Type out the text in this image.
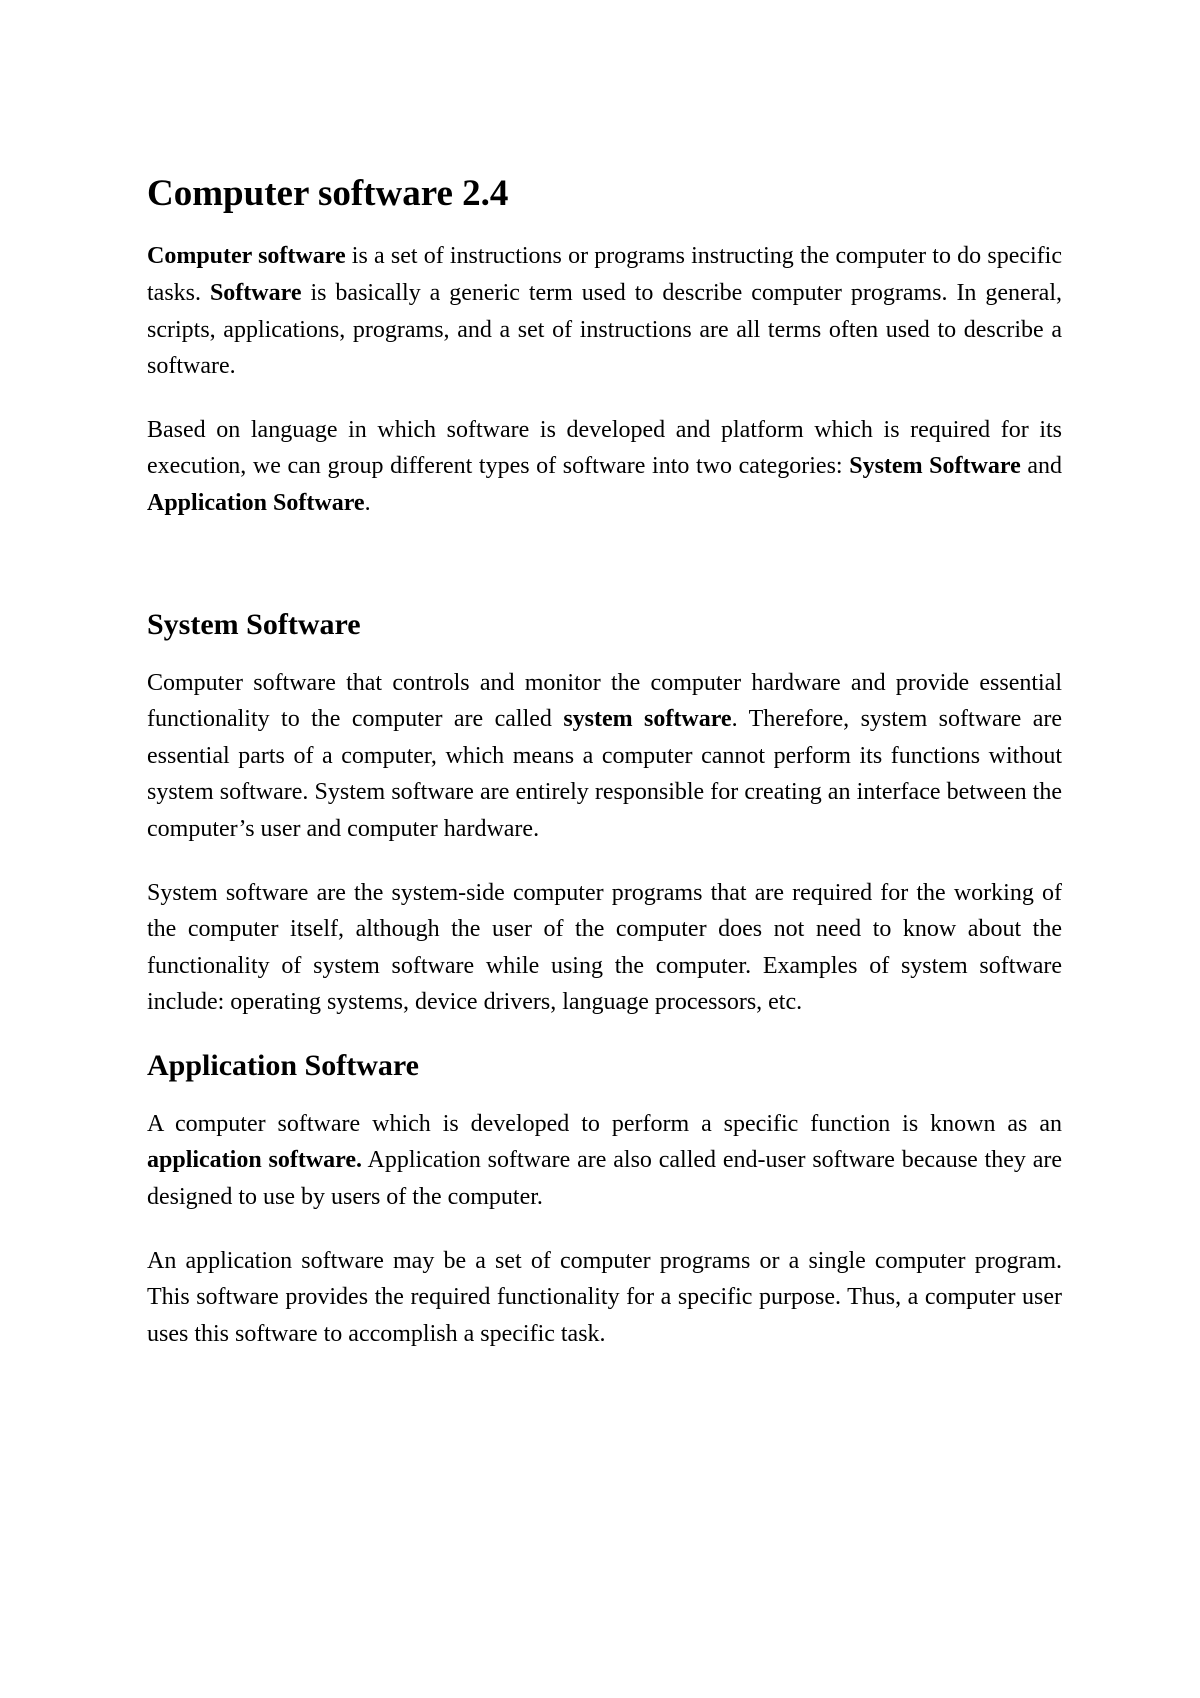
Computer software 2.4

Computer software is a set of instructions or programs instructing the computer to do specific tasks. Software is basically a generic term used to describe computer programs. In general, scripts, applications, programs, and a set of instructions are all terms often used to describe a software.

Based on language in which software is developed and platform which is required for its execution, we can group different types of software into two categories: System Software and Application Software.

System Software

Computer software that controls and monitor the computer hardware and provide essential functionality to the computer are called system software. Therefore, system software are essential parts of a computer, which means a computer cannot perform its functions without system software. System software are entirely responsible for creating an interface between the computer’s user and computer hardware.

System software are the system-side computer programs that are required for the working of the computer itself, although the user of the computer does not need to know about the functionality of system software while using the computer. Examples of system software include: operating systems, device drivers, language processors, etc.

Application Software

A computer software which is developed to perform a specific function is known as an application software. Application software are also called end-user software because they are designed to use by users of the computer.

An application software may be a set of computer programs or a single computer program. This software provides the required functionality for a specific purpose. Thus, a computer user uses this software to accomplish a specific task.
